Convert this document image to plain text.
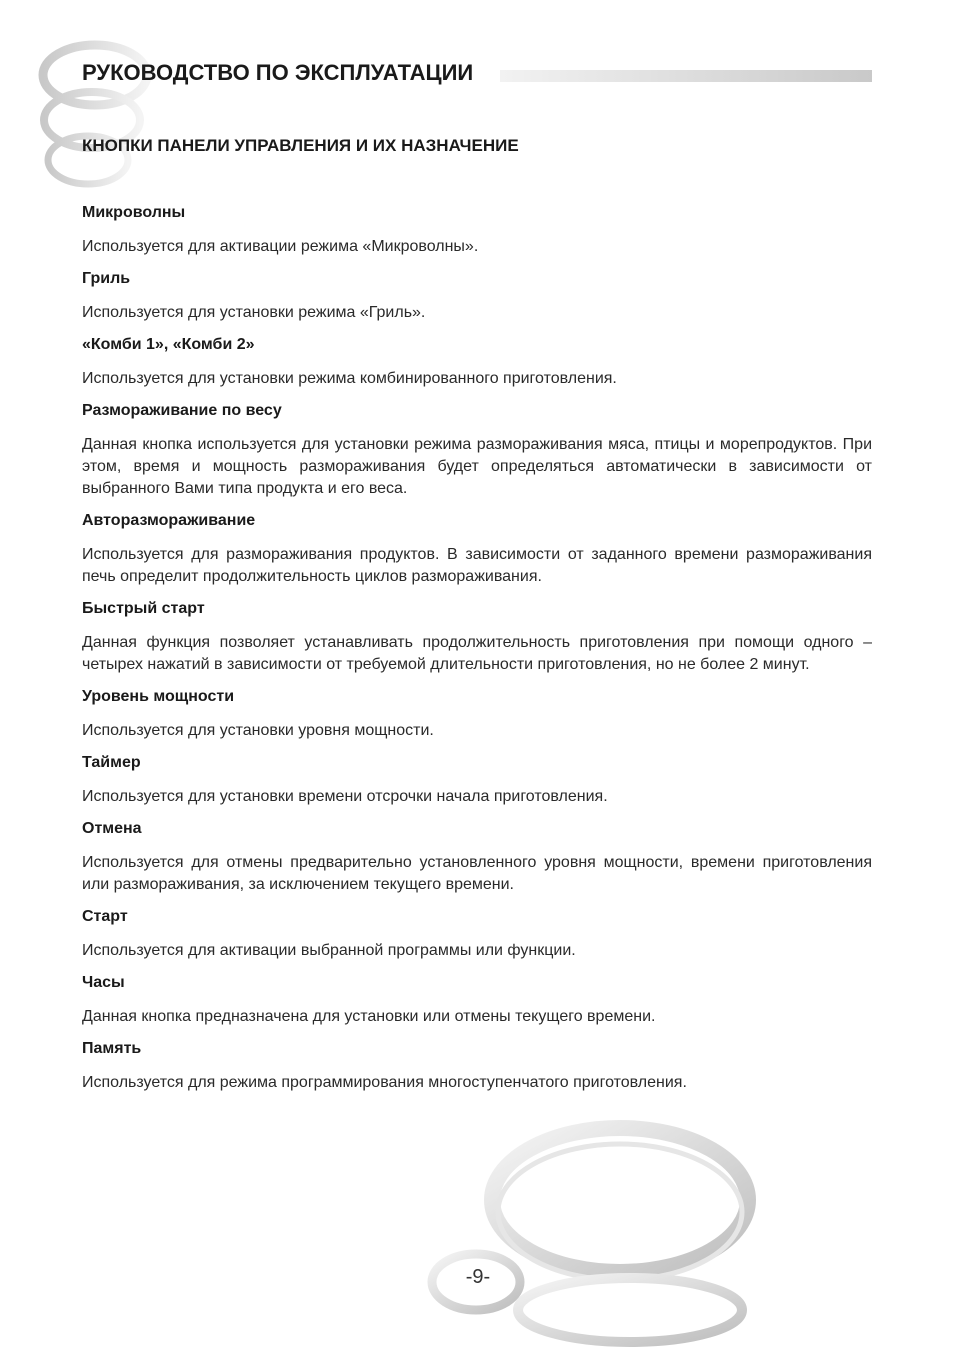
РУКОВОДСТВО ПО ЭКСПЛУАТАЦИИ
КНОПКИ ПАНЕЛИ УПРАВЛЕНИЯ И ИХ НАЗНАЧЕНИЕ

Микроволны

Используется для активации режима «Микроволны».

Гриль

Используется для установки режима «Гриль».

«Комби 1», «Комби 2»

Используется для установки режима комбинированного приготовления.

Размораживание по весу

Данная кнопка используется для установки режима размораживания мяса, птицы и морепродуктов. При этом, время и мощность размораживания будет определяться автоматически в зависимости от выбранного Вами типа продукта и его веса.

Авторазмораживание

Используется для размораживания продуктов. В зависимости от заданного времени размораживания печь определит продолжительность циклов размораживания.

Быстрый старт

Данная функция позволяет устанавливать продолжительность приготовления при помощи одного – четырех нажатий в зависимости от требуемой длительности приготовления, но не более 2 минут.

Уровень мощности

Используется для установки уровня мощности.

Таймер

Используется для установки времени отсрочки начала приготовления.

Отмена

Используется для отмены предварительно установленного уровня мощности, времени приготовления или размораживания, за исключением текущего времени.

Старт

Используется для активации выбранной программы или функции.

Часы

Данная кнопка предназначена для установки или отмены текущего времени.

Память

Используется для режима программирования многоступенчатого приготовления.

-9-
